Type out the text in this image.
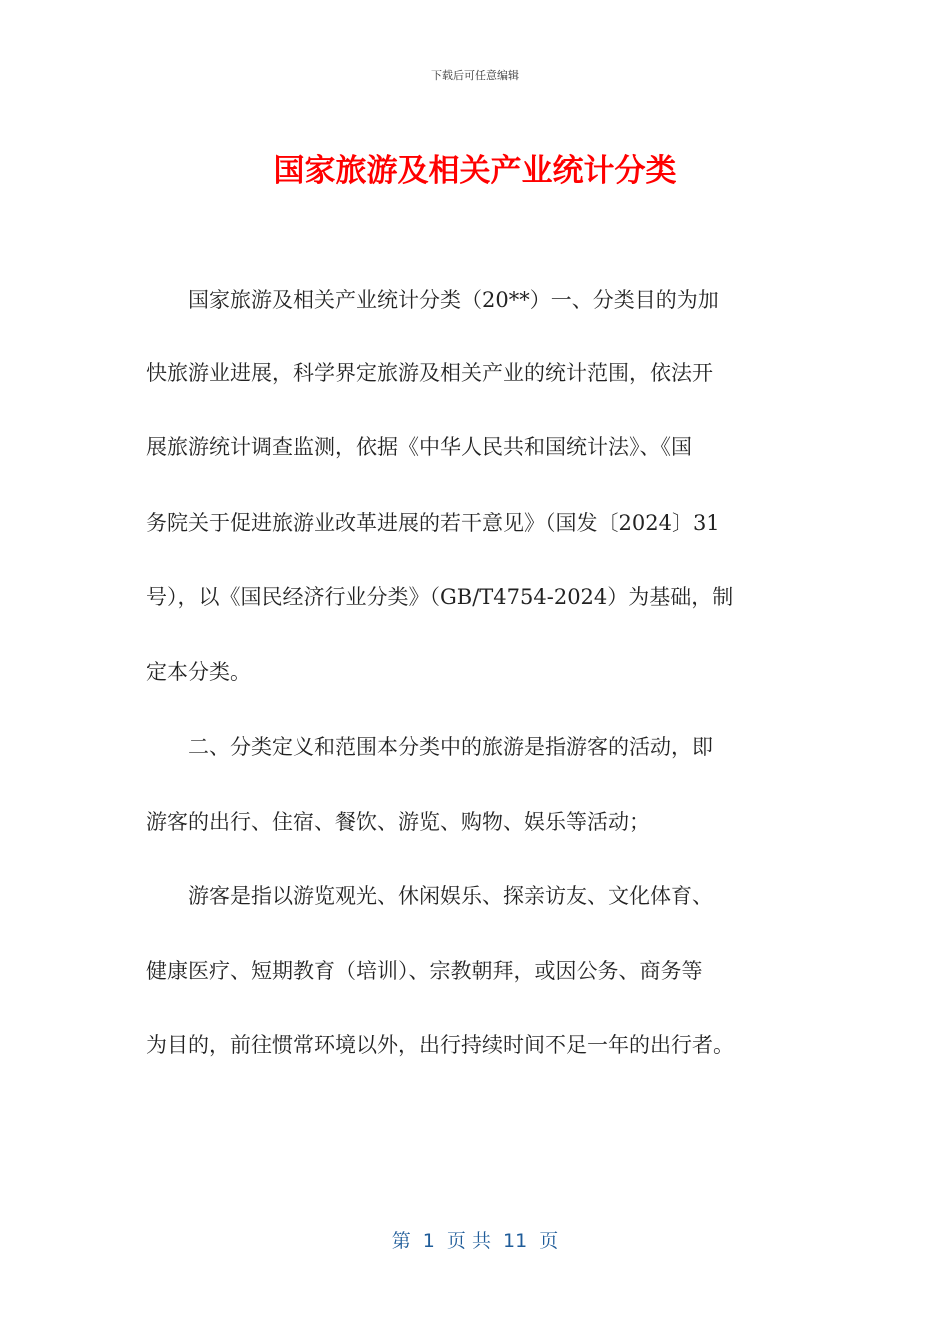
下载后可任意编辑
国家旅游及相关产业统计分类
　　国家旅游及相关产业统计分类（20**）一、分类目的为加
快旅游业进展，科学界定旅游及相关产业的统计范围，依法开
展旅游统计调查监测，依据《中华人民共和国统计法》、《国
务院关于促进旅游业改革进展的若干意见》（国发〔2024〕31
号），以《国民经济行业分类》（GB/T4754-2024）为基础，制
定本分类。
　　二、分类定义和范围本分类中的旅游是指游客的活动，即
游客的出行、住宿、餐饮、游览、购物、娱乐等活动；
　　游客是指以游览观光、休闲娱乐、探亲访友、文化体育、
健康医疗、短期教育（培训）、宗教朝拜，或因公务、商务等
为目的，前往惯常环境以外，出行持续时间不足一年的出行者。
第  1  页 共  11  页
